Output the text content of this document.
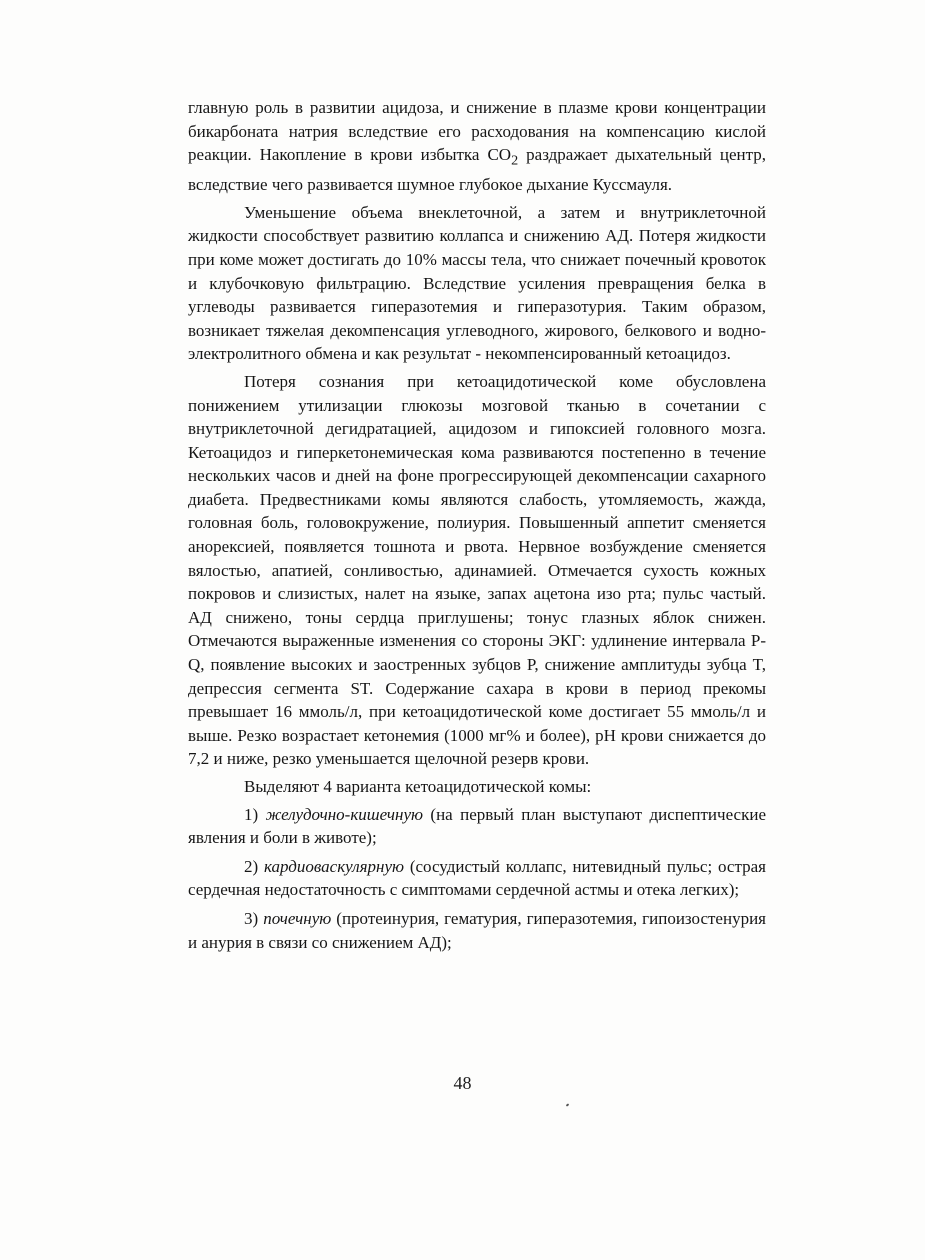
главную роль в развитии ацидоза, и снижение в плазме крови концентрации бикарбоната натрия вследствие его расходования на компенсацию кислой реакции. Накопление в крови избытка $CO_2$ раздражает дыхательный центр, вследствие чего развивается шумное глубокое дыхание Куссмауля.

Уменьшение объема внеклеточной, а затем и внутриклеточной жидкости способствует развитию коллапса и снижению АД. Потеря жидкости при коме может достигать до 10% массы тела, что снижает почечный кровоток и клубочковую фильтрацию. Вследствие усиления превращения белка в углеводы развивается гиперазотемия и гиперазотурия. Таким образом, возникает тяжелая декомпенсация углеводного, жирового, белкового и водно-электролитного обмена и как результат - некомпенсированный кетоацидоз.

Потеря сознания при кетоацидотической коме обусловлена понижением утилизации глюкозы мозговой тканью в сочетании с внутриклеточной дегидратацией, ацидозом и гипоксией головного мозга. Кетоацидоз и гиперкетонемическая кома развиваются постепенно в течение нескольких часов и дней на фоне прогрессирующей декомпенсации сахарного диабета. Предвестниками комы являются слабость, утомляемость, жажда, головная боль, головокружение, полиурия. Повышенный аппетит сменяется анорексией, появляется тошнота и рвота. Нервное возбуждение сменяется вялостью, апатией, сонливостью, адинамией. Отмечается сухость кожных покровов и слизистых, налет на языке, запах ацетона изо рта; пульс частый. АД снижено, тоны сердца приглушены; тонус глазных яблок снижен. Отмечаются выраженные изменения со стороны ЭКГ: удлинение интервала P-Q, появление высоких и заостренных зубцов P, снижение амплитуды зубца T, депрессия сегмента ST. Содержание сахара в крови в период прекомы превышает 16 ммоль/л, при кетоацидотической коме достигает 55 ммоль/л и выше. Резко возрастает кетонемия (1000 мг% и более), pH крови снижается до 7,2 и ниже, резко уменьшается щелочной резерв крови.

Выделяют 4 варианта кетоацидотической комы:

1) желудочно-кишечную (на первый план выступают диспептические явления и боли в животе);

2) кардиоваскулярную (сосудистый коллапс, нитевидный пульс; острая сердечная недостаточность с симптомами сердечной астмы и отека легких);

3) почечную (протеинурия, гематурия, гиперазотемия, гипоизостенурия и анурия в связи со снижением АД);

48
